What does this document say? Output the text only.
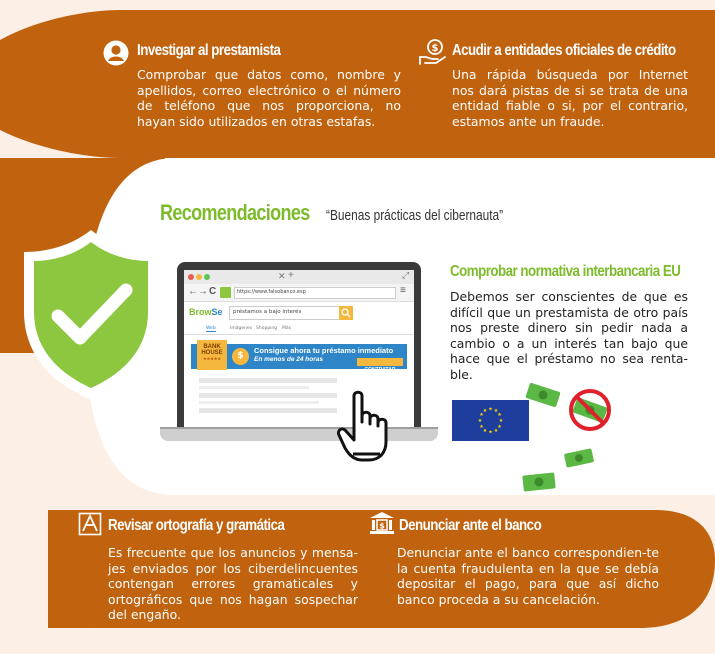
Investigar al prestamista
Comprobar que datos como, nombre y apellidos, correo electrónico o el número de teléfono que nos proporciona, no hayan sido utilizados en otras estafas.
$ Acudir a entidades oficiales de crédito
Una rápida búsqueda por Internet nos dará pistas de si se trata de una entidad fiable o si, por el contrario, estamos ante un fraude.
Recomendaciones	“Buenas prácticas del cibernauta”
✕ +	⤢
← → C	https://www.falsobanco.esp	≡
BrowSe préstamos a bajo interés
Web	Imágenes Shopping Más
BANK
HOUSE
★★★★★	$
Consigue ahora tu préstamo inmediato
En menos de 24 horas
CONTRATAR
Comprobar normativa interbancaria EU
Debemos ser conscientes de que es difícil que un prestamista de otro país nos preste dinero sin pedir nada a cambio o a un interés tan bajo que hace que el préstamo no sea renta-ble.
★ ★
★
★
★
★
★
★
★
★
★
★
Revisar ortografía y gramática
Es frecuente que los anuncios y mensa-jes enviados por los ciberdelincuentes contengan errores gramaticales y ortográficos que nos hagan sospechar del engaño.
$ Denunciar ante el banco
Denunciar ante el banco correspondien-te la cuenta fraudulenta en la que se debía depositar el pago, para que así dicho banco proceda a su cancelación.
